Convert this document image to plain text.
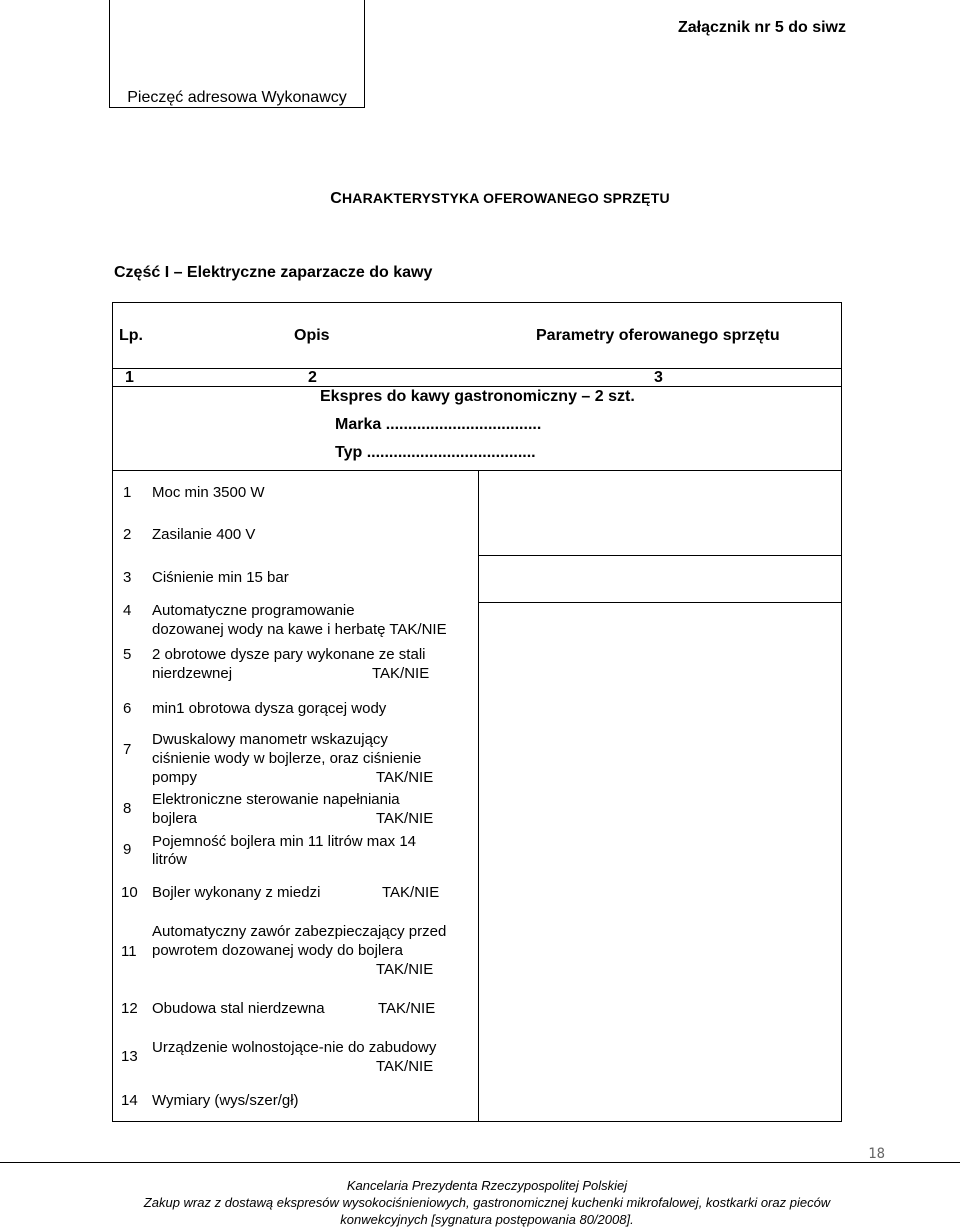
Pieczęć adresowa Wykonawcy
Załącznik nr 5 do siwz
CHARAKTERYSTYKA OFEROWANEGO SPRZĘTU
Część I – Elektryczne zaparzacze do kawy
Lp.	Opis	Parametry oferowanego sprzętu
1	2	3
Ekspres do kawy gastronomiczny – 2 szt.
Marka ...................................
Typ ......................................
1 Moc min 3500 W
2 Zasilanie 400 V
3 Ciśnienie min 15 bar
4 Automatyczne programowanie
dozowanej wody na kawe i herbatę TAK/NIE
5 2 obrotowe dysze pary wykonane ze stali
nierdzewnej	TAK/NIE
6 min1 obrotowa dysza gorącej wody
7
Dwuskalowy manometr wskazujący
ciśnienie wody w bojlerze, oraz ciśnienie
pompy	TAK/NIE
8
Elektroniczne sterowanie napełniania
bojlera	TAK/NIE
9 Pojemność bojlera min 11 litrów max 14
litrów
10 Bojler wykonany z miedzi	TAK/NIE
11
Automatyczny zawór zabezpieczający przed
powrotem dozowanej wody do bojlera
TAK/NIE
12 Obudowa stal nierdzewna	TAK/NIE
13
Urządzenie wolnostojące-nie do zabudowy
TAK/NIE
14 Wymiary (wys/szer/gł)
18
Kancelaria Prezydenta Rzeczypospolitej Polskiej
Zakup wraz z dostawą ekspresów wysokociśnieniowych, gastronomicznej kuchenki mikrofalowej, kostkarki oraz pieców
konwekcyjnych [sygnatura postępowania 80/2008].
